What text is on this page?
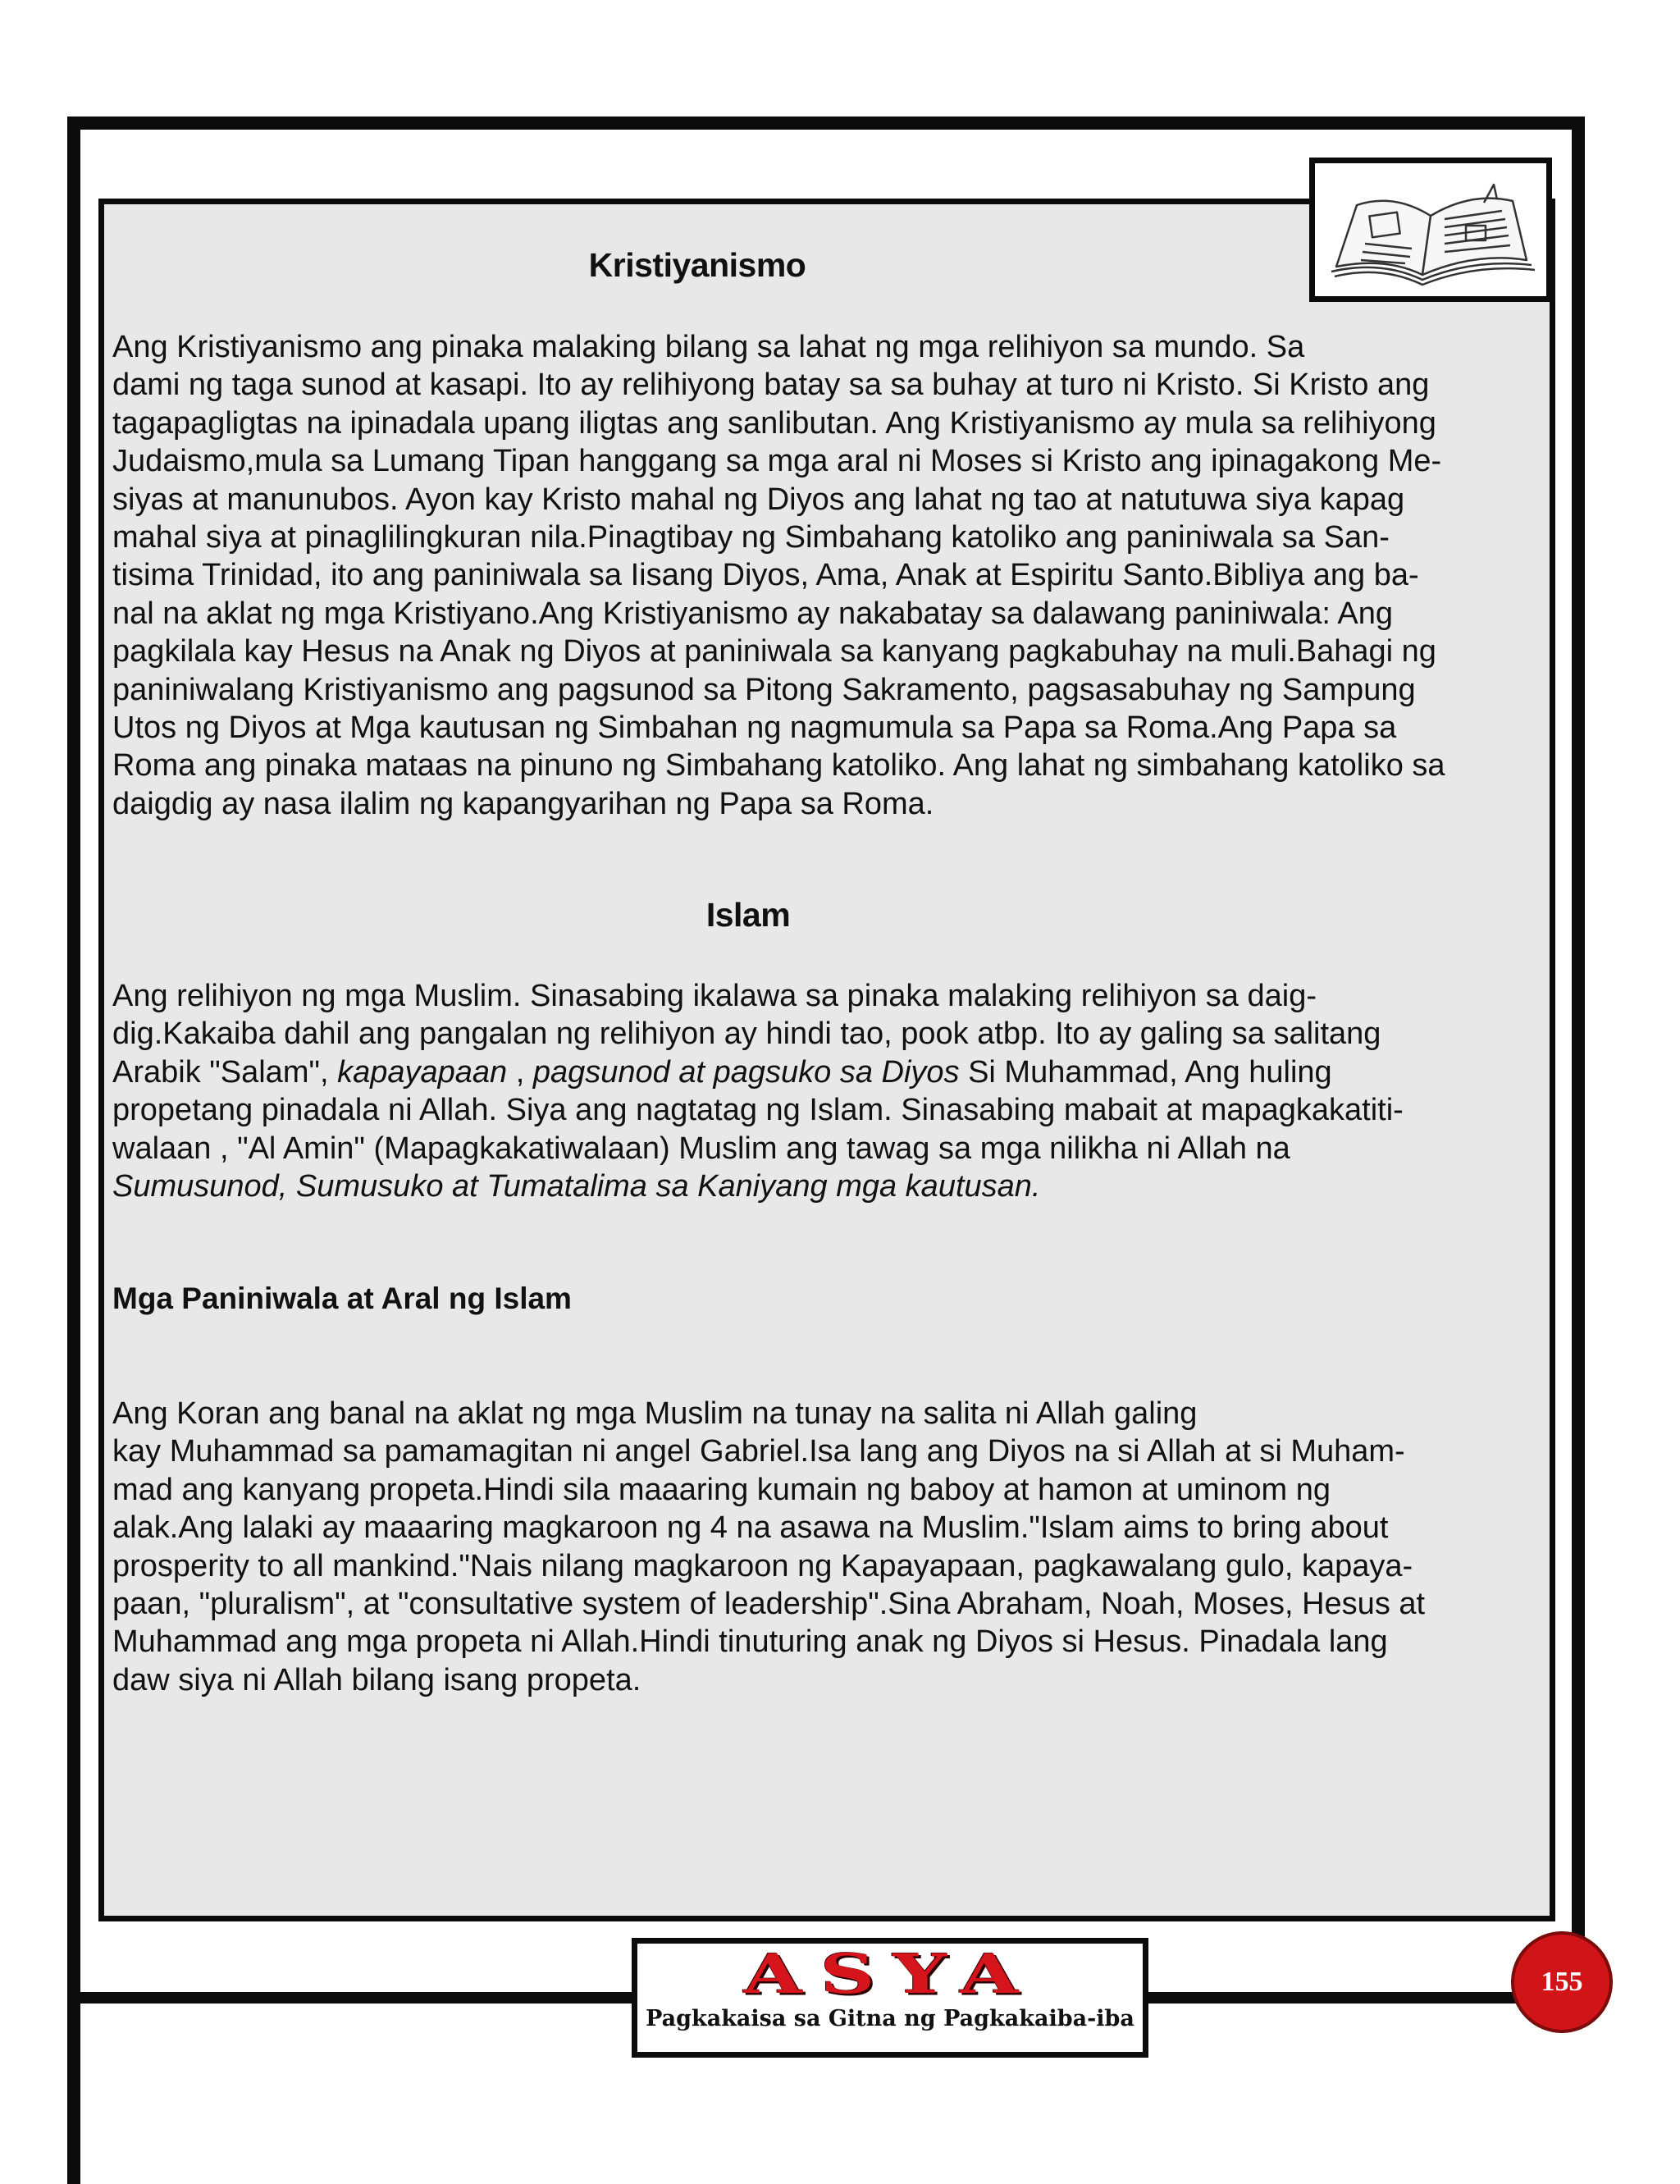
Kristiyanismo

Ang Kristiyanismo ang pinaka malaking bilang sa lahat ng mga relihiyon sa mundo. Sa
dami ng taga sunod at kasapi. Ito ay relihiyong batay sa sa buhay at turo ni Kristo. Si Kristo ang
tagapagligtas na ipinadala upang iligtas ang sanlibutan. Ang Kristiyanismo ay mula sa relihiyong
Judaismo,mula sa Lumang Tipan hanggang sa mga aral ni Moses si Kristo ang ipinagakong Me-
siyas at manunubos. Ayon kay Kristo mahal ng Diyos ang lahat ng tao at natutuwa siya kapag
mahal siya at pinaglilingkuran nila.Pinagtibay ng Simbahang katoliko ang paniniwala sa San-
tisima Trinidad, ito ang paniniwala sa Iisang Diyos, Ama, Anak at Espiritu Santo.Bibliya ang ba-
nal na aklat ng mga Kristiyano.Ang Kristiyanismo ay nakabatay sa dalawang paniniwala: Ang
pagkilala kay Hesus na Anak ng Diyos at paniniwala sa kanyang pagkabuhay na muli.Bahagi ng
paniniwalang Kristiyanismo ang pagsunod sa Pitong Sakramento, pagsasabuhay ng Sampung
Utos ng Diyos at Mga kautusan ng Simbahan ng nagmumula sa Papa sa Roma.Ang Papa sa
Roma ang pinaka mataas na pinuno ng Simbahang katoliko. Ang lahat ng simbahang katoliko sa
daigdig ay nasa ilalim ng kapangyarihan ng Papa sa Roma.

Islam

Ang relihiyon ng mga Muslim. Sinasabing ikalawa sa pinaka malaking relihiyon sa daig-
dig.Kakaiba dahil ang pangalan ng relihiyon ay hindi tao, pook atbp. Ito ay galing sa salitang
Arabik "Salam", kapayapaan , pagsunod at pagsuko sa Diyos Si Muhammad, Ang huling
propetang pinadala ni Allah. Siya ang nagtatag ng Islam. Sinasabing mabait at mapagkakatiti-
walaan , "Al Amin" (Mapagkakatiwalaan) Muslim ang tawag sa mga nilikha ni Allah na
Sumusunod, Sumusuko at Tumatalima sa Kaniyang mga kautusan.

Mga Paniniwala at Aral ng Islam

Ang Koran ang banal na aklat ng mga Muslim na tunay na salita ni Allah galing
kay Muhammad sa pamamagitan ni angel Gabriel.Isa lang ang Diyos na si Allah at si Muham-
mad ang kanyang propeta.Hindi sila maaaring kumain ng baboy at hamon at uminom ng
alak.Ang lalaki ay maaaring magkaroon ng 4 na asawa na Muslim."Islam aims to bring about
prosperity to all mankind."Nais nilang magkaroon ng Kapayapaan, pagkawalang gulo, kapaya-
paan, "pluralism", at "consultative system of leadership".Sina Abraham, Noah, Moses, Hesus at
Muhammad ang mga propeta ni Allah.Hindi tinuturing anak ng Diyos si Hesus. Pinadala lang
daw siya ni Allah bilang isang propeta.

ASYA
Pagkakaisa sa Gitna ng Pagkakaiba-iba
155
